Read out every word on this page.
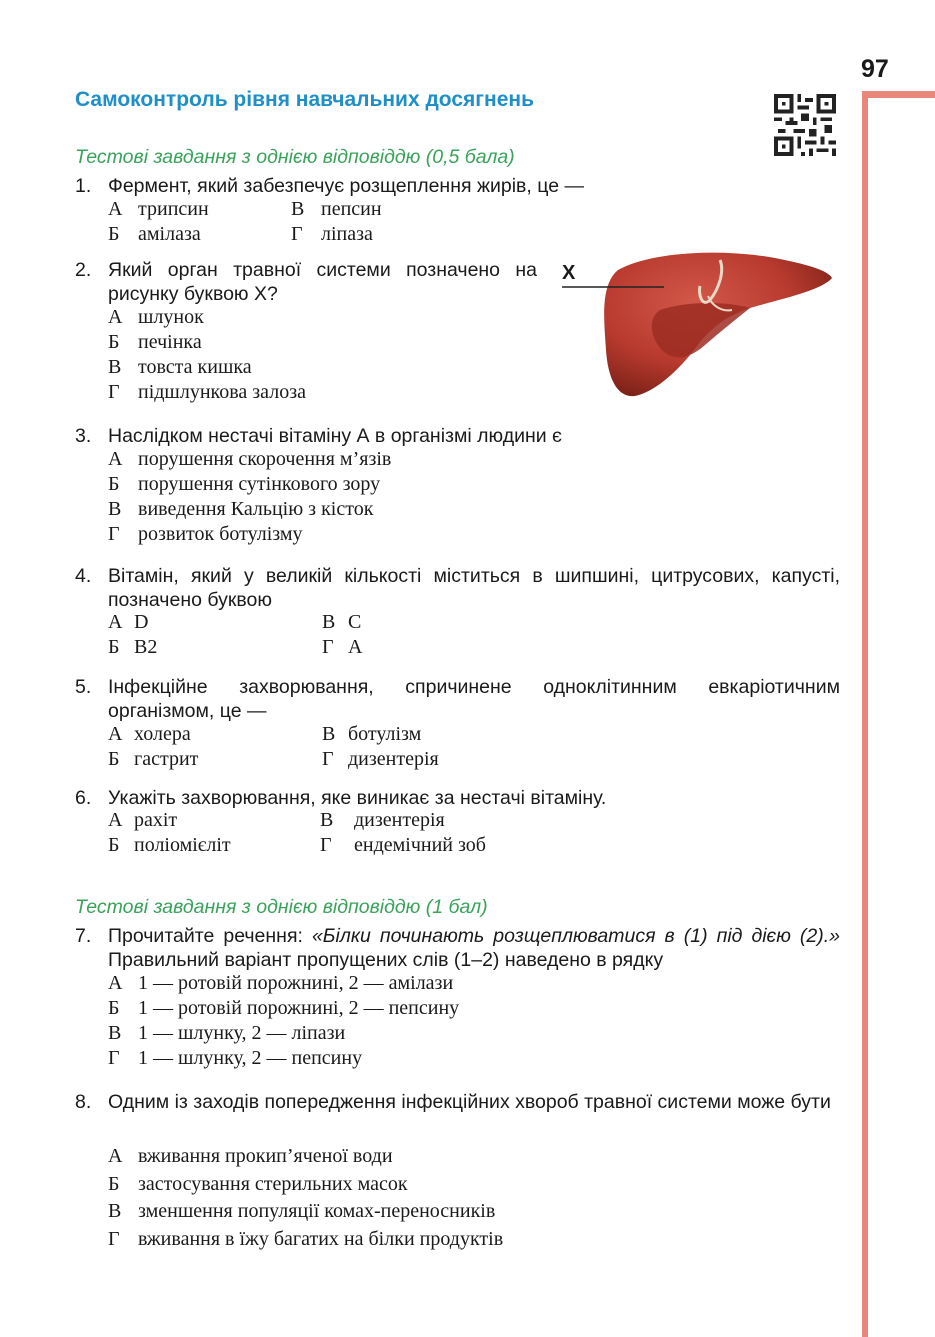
97
Самоконтроль рівня навчальних досягнень
Тестові завдання з однією відповіддю (0,5 бала)
1. Фермент, який забезпечує розщеплення жирів, це —
А трипсин	В пепсин
Б амілаза	Г ліпаза
2. Який орган травної системи позначено на рисунку буквою Х?
А шлунок
Б печінка
В товста кишка
Г підшлункова залоза
Х
3. Наслідком нестачі вітаміну А в організмі людини є
А порушення скорочення м’язів
Б порушення сутінкового зору
В виведення Кальцію з кісток
Г розвиток ботулізму
4. Вітамін, який у великій кількості міститься в шипшині, цитрусових, капусті, позначено буквою
А D	В С
Б В2	Г А
5. Інфекційне захворювання, спричинене одноклітинним евкаріотичним організмом, це —
А холера	В ботулізм
Б гастрит	Г дизентерія
6. Укажіть захворювання, яке виникає за нестачі вітаміну.
А рахіт	В дизентерія
Б поліомієліт	Г ендемічний зоб
Тестові завдання з однією відповіддю (1 бал)
7. Прочитайте речення: «Білки починають розщеплюватися в (1) під дією (2).» Правильний варіант пропущених слів (1–2) наведено в рядку
А 1 — ротовій порожнині, 2 — амілази
Б 1 — ротовій порожнині, 2 — пепсину
В 1 — шлунку, 2 — ліпази
Г 1 — шлунку, 2 — пепсину
8. Одним із заходів попередження інфекційних хвороб травної системи може бути
А вживання прокип’яченої води
Б застосування стерильних масок
В зменшення популяції комах-переносників
Г вживання в їжу багатих на білки продуктів
